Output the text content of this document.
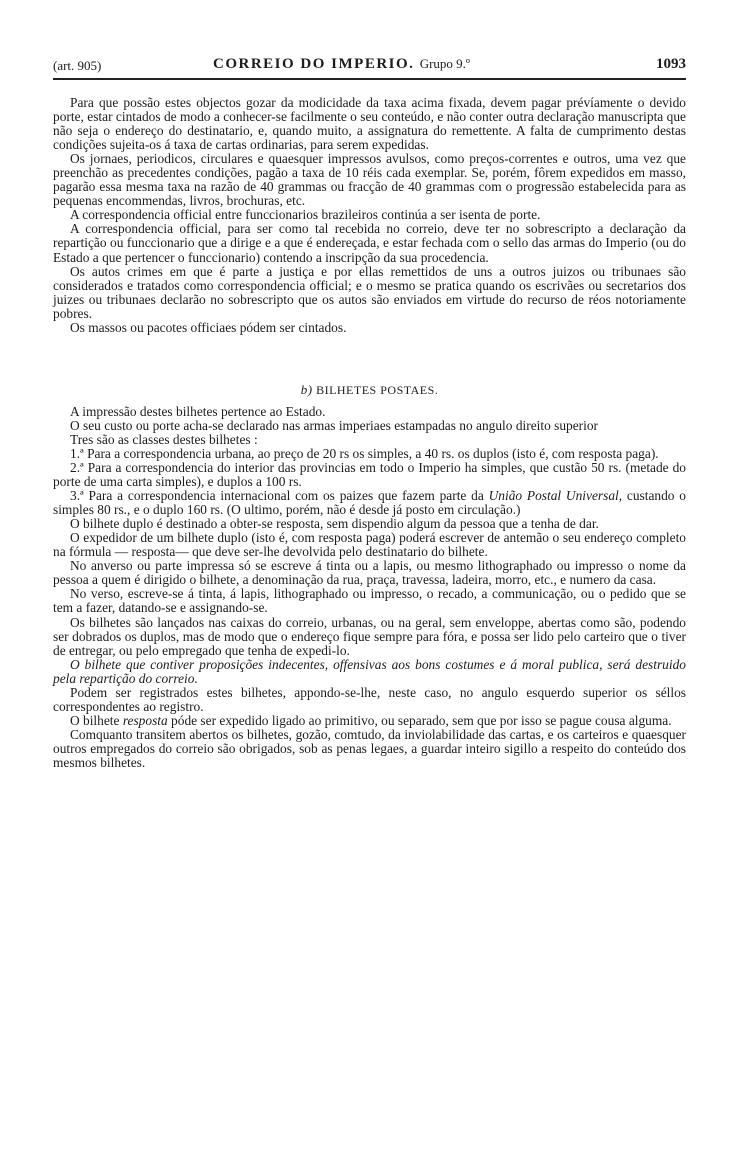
(art. 905)	CORREIO DO IMPERIO. Grupo 9.º	1093

Para que possão estes objectos gozar da modicidade da taxa acima fixada, devem pagar prévíamente o devido porte, estar cintados de modo a conhecer-se facilmente o seu conteúdo, e não conter outra declaração manuscripta que não seja o endereço do destinatario, e, quando muito, a assignatura do remettente. A falta de cumprimento destas condições sujeita-os á taxa de cartas ordinarias, para serem expedidas.

Os jornaes, periodicos, circulares e quaesquer impressos avulsos, como preços-correntes e outros, uma vez que preenchão as precedentes condições, pagão a taxa de 10 réis cada exemplar. Se, porém, fôrem expedidos em masso, pagarão essa mesma taxa na razão de 40 grammas ou fracção de 40 grammas com o progressão estabelecida para as pequenas encommendas, livros, brochuras, etc.

A correspondencia official entre funccionarios brazileiros continúa a ser isenta de porte.

A correspondencia official, para ser como tal recebida no correio, deve ter no sobrescripto a declaração da repartição ou funccionario que a dirige e a que é endereçada, e estar fechada com o sello das armas do Imperio (ou do Estado a que pertencer o funccionario) contendo a inscripção da sua procedencia.

Os autos crimes em que é parte a justiça e por ellas remettidos de uns a outros juizos ou tribunaes são considerados e tratados como correspondencia official; e o mesmo se pratica quando os escrivães ou secretarios dos juizes ou tribunaes declarão no sobrescripto que os autos são enviados em virtude do recurso de réos notoriamente pobres.

Os massos ou pacotes officiaes pódem ser cintados.

b) BILHETES POSTAES.

A impressão destes bilhetes pertence ao Estado.

O seu custo ou porte acha-se declarado nas armas imperiaes estampadas no angulo direito superior

Tres são as classes destes bilhetes :

1.ª Para a correspondencia urbana, ao preço de 20 rs os simples, a 40 rs. os duplos (isto é, com resposta paga).

2.ª Para a correspondencia do interior das provincias em todo o Imperio ha simples, que custão 50 rs. (metade do porte de uma carta simples), e duplos a 100 rs.

3.ª Para a correspondencia internacional com os paizes que fazem parte da União Postal Universal, custando o simples 80 rs., e o duplo 160 rs. (O ultimo, porém, não é desde já posto em circulação.)

O bilhete duplo é destinado a obter-se resposta, sem dispendio algum da pessoa que a tenha de dar.

O expedidor de um bilhete duplo (isto é, com resposta paga) poderá escrever de antemão o seu endereço completo na fórmula — resposta— que deve ser-lhe devolvida pelo destinatario do bilhete.

No anverso ou parte impressa só se escreve á tinta ou a lapis, ou mesmo lithographado ou impresso o nome da pessoa a quem é dirigido o bilhete, a denominação da rua, praça, travessa, ladeira, morro, etc., e numero da casa.

No verso, escreve-se á tinta, á lapis, lithographado ou impresso, o recado, a communicação, ou o pedido que se tem a fazer, datando-se e assignando-se.

Os bilhetes são lançados nas caixas do correio, urbanas, ou na geral, sem enveloppe, abertas como são, podendo ser dobrados os duplos, mas de modo que o endereço fique sempre para fóra, e possa ser lido pelo carteiro que o tiver de entregar, ou pelo empregado que tenha de expedi-lo.

O bilhete que contiver proposições indecentes, offensivas aos bons costumes e á moral publica, será destruido pela repartição do correio.

Podem ser registrados estes bilhetes, appondo-se-lhe, neste caso, no angulo esquerdo superior os séllos correspondentes ao registro.

O bilhete resposta póde ser expedido ligado ao primitivo, ou separado, sem que por isso se pague cousa alguma.

Comquanto transitem abertos os bilhetes, gozão, comtudo, da inviolabilidade das cartas, e os carteiros e quaesquer outros empregados do correio são obrigados, sob as penas legaes, a guardar inteiro sigillo a respeito do conteúdo dos mesmos bilhetes.
